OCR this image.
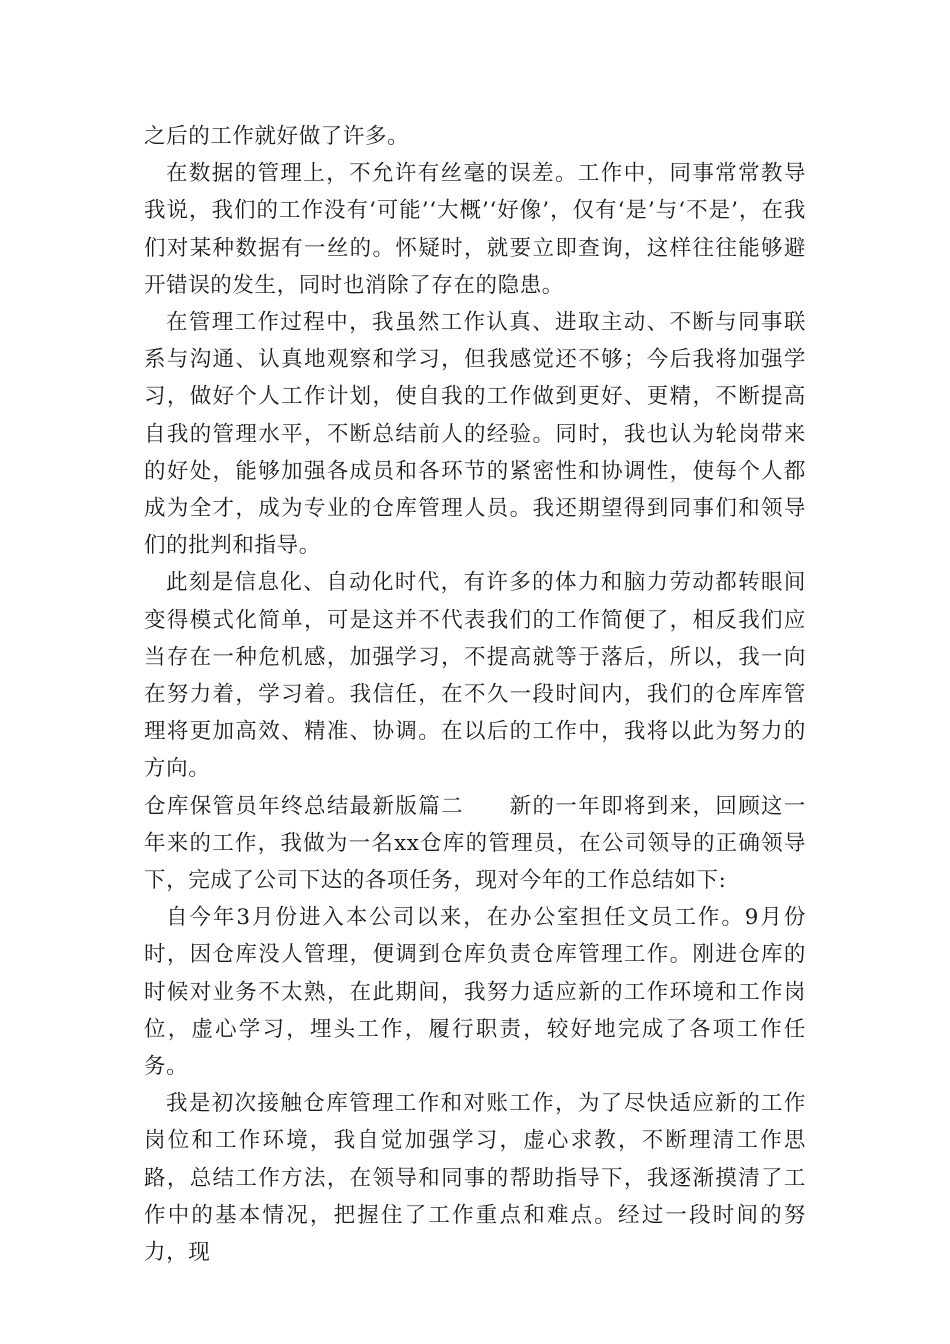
之后的工作就好做了许多。

在数据的管理上，不允许有丝毫的误差。工作中，同事常常教导我说，我们的工作没有‘可能’‘大概’‘好像’，仅有‘是’与‘不是’，在我们对某种数据有一丝的。怀疑时，就要立即查询，这样往往能够避开错误的发生，同时也消除了存在的隐患。

在管理工作过程中，我虽然工作认真、进取主动、不断与同事联系与沟通、认真地观察和学习，但我感觉还不够；今后我将加强学习，做好个人工作计划，使自我的工作做到更好、更精，不断提高自我的管理水平，不断总结前人的经验。同时，我也认为轮岗带来的好处，能够加强各成员和各环节的紧密性和协调性，使每个人都成为全才，成为专业的仓库管理人员。我还期望得到同事们和领导们的批判和指导。

此刻是信息化、自动化时代，有许多的体力和脑力劳动都转眼间变得模式化简单，可是这并不代表我们的工作简便了，相反我们应当存在一种危机感，加强学习，不提高就等于落后，所以，我一向在努力着，学习着。我信任，在不久一段时间内，我们的仓库库管理将更加高效、精准、协调。在以后的工作中，我将以此为努力的方向。

仓库保管员年终总结最新版篇二　　新的一年即将到来，回顾这一年来的工作，我做为一名xx仓库的管理员，在公司领导的正确领导下，完成了公司下达的各项任务，现对今年的工作总结如下:

自今年3月份进入本公司以来，在办公室担任文员工作。9月份时，因仓库没人管理，便调到仓库负责仓库管理工作。刚进仓库的时候对业务不太熟，在此期间，我努力适应新的工作环境和工作岗位，虚心学习，埋头工作，履行职责，较好地完成了各项工作任务。

我是初次接触仓库管理工作和对账工作，为了尽快适应新的工作岗位和工作环境，我自觉加强学习，虚心求教，不断理清工作思路，总结工作方法，在领导和同事的帮助指导下，我逐渐摸清了工作中的基本情况，把握住了工作重点和难点。经过一段时间的努力，现
